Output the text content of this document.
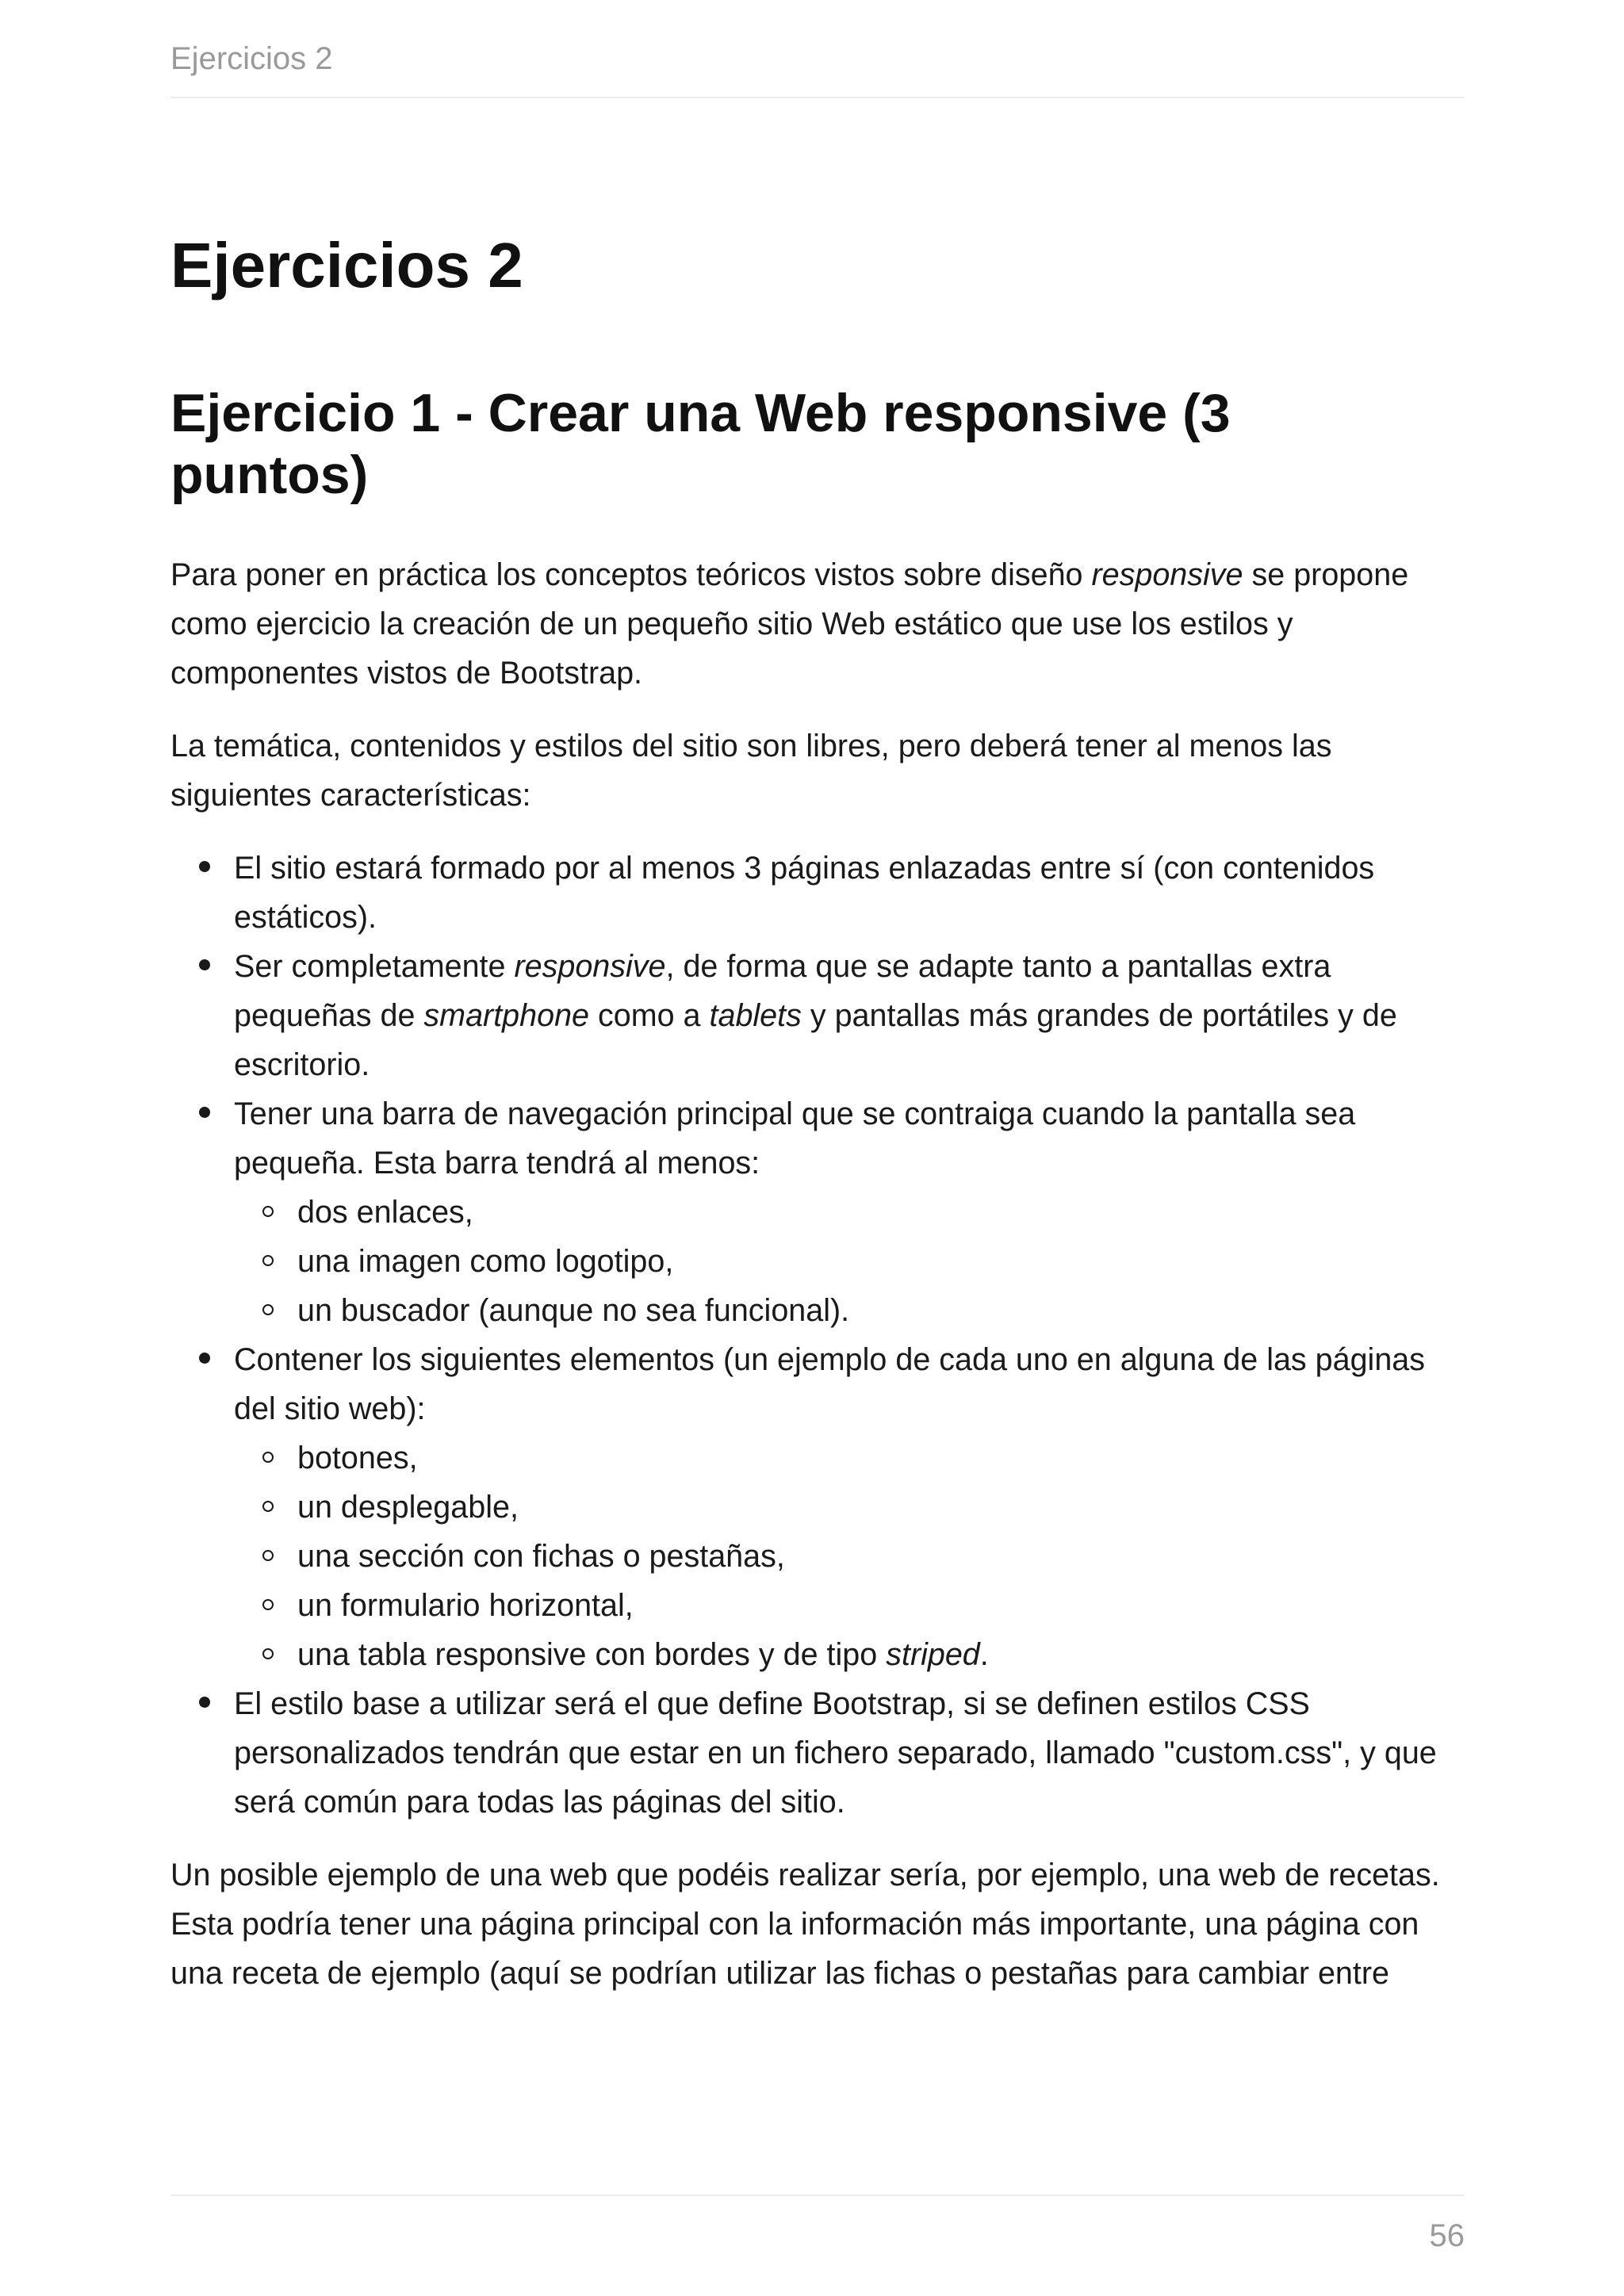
Ejercicios 2
Ejercicios 2
Ejercicio 1 - Crear una Web responsive (3 puntos)

Para poner en práctica los conceptos teóricos vistos sobre diseño responsive se propone como ejercicio la creación de un pequeño sitio Web estático que use los estilos y componentes vistos de Bootstrap.

La temática, contenidos y estilos del sitio son libres, pero deberá tener al menos las siguientes características:

El sitio estará formado por al menos 3 páginas enlazadas entre sí (con contenidos estáticos).
Ser completamente responsive, de forma que se adapte tanto a pantallas extra pequeñas de smartphone como a tablets y pantallas más grandes de portátiles y de escritorio.
Tener una barra de navegación principal que se contraiga cuando la pantalla sea pequeña. Esta barra tendrá al menos:
dos enlaces,
una imagen como logotipo,
un buscador (aunque no sea funcional).
Contener los siguientes elementos (un ejemplo de cada uno en alguna de las páginas del sitio web):
botones,
un desplegable,
una sección con fichas o pestañas,
un formulario horizontal,
una tabla responsive con bordes y de tipo striped.
El estilo base a utilizar será el que define Bootstrap, si se definen estilos CSS personalizados tendrán que estar en un fichero separado, llamado "custom.css", y que será común para todas las páginas del sitio.

Un posible ejemplo de una web que podéis realizar sería, por ejemplo, una web de recetas. Esta podría tener una página principal con la información más importante, una página con una receta de ejemplo (aquí se podrían utilizar las fichas o pestañas para cambiar entre

56
